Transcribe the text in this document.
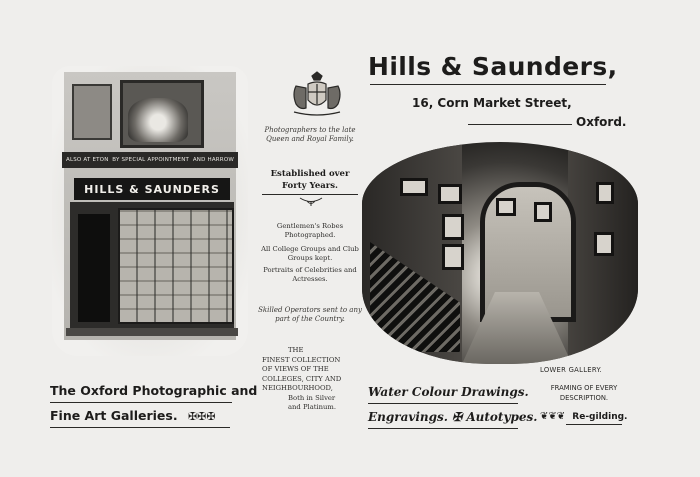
ALSO AT ETON BY SPECIAL APPOINTMENT AND HARROW
HILLS & SAUNDERS
Photographers to the late Queen and Royal Family.
Established over Forty Years.
Gentlemen's Robes Photographed.
All College Groups and Club Groups kept.
Portraits of Celebrities and Actresses.
Skilled Operators sent to any part of the Country.
THE
FINEST COLLECTION
OF VIEWS OF THE
COLLEGES, CITY AND
NEIGHBOURHOOD,
Both in Silver
and Platinum.
Hills & Saunders,
16, Corn Market Street,
Oxford.
LOWER GALLERY.
The Oxford Photographic and
Fine Art Galleries. ✠✠✠
Water Colour Drawings.
Engravings. ✠ Autotypes.
FRAMING OF EVERY DESCRIPTION.
❦❦❦ Re-gilding.
